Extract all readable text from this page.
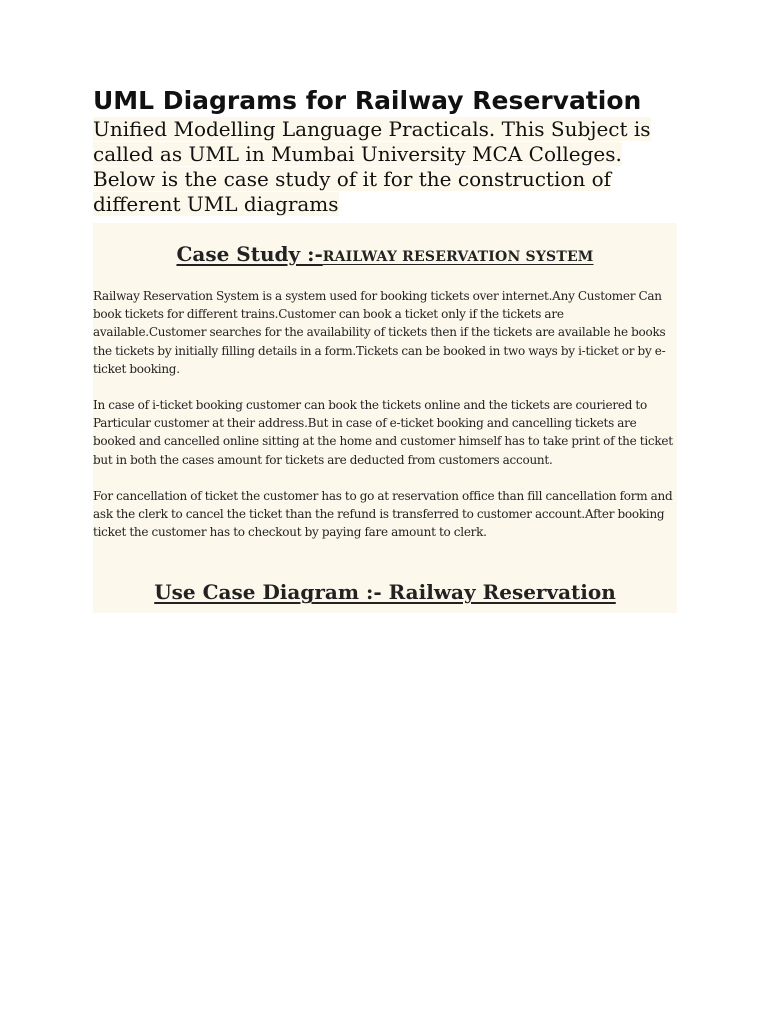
UML Diagrams for Railway Reservation
Unified Modelling Language Practicals. This Subject is called as UML in Mumbai University MCA Colleges. Below is the case study of it for the construction of different UML diagrams
Case Study :-RAILWAY RESERVATION SYSTEM

Railway Reservation System is a system used for booking tickets over internet.Any Customer Can book tickets for different trains.Customer can book a ticket only if the tickets are available.Customer searches for the availability of tickets then if the tickets are available he books the tickets by initially filling details in a form.Tickets can be booked in two ways by i-ticket or by e-ticket booking.

In case of i-ticket booking customer can book the tickets online and the tickets are couriered to Particular customer at their address.But in case of e-ticket booking and cancelling tickets are booked and cancelled online sitting at the home and customer himself has to take print of the ticket but in both the cases amount for tickets are deducted from customers account.

For cancellation of ticket the customer has to go at reservation office than fill cancellation form and ask the clerk to cancel the ticket than the refund is transferred to customer account.After booking ticket the customer has to checkout by paying fare amount to clerk.

Use Case Diagram :- Railway Reservation
